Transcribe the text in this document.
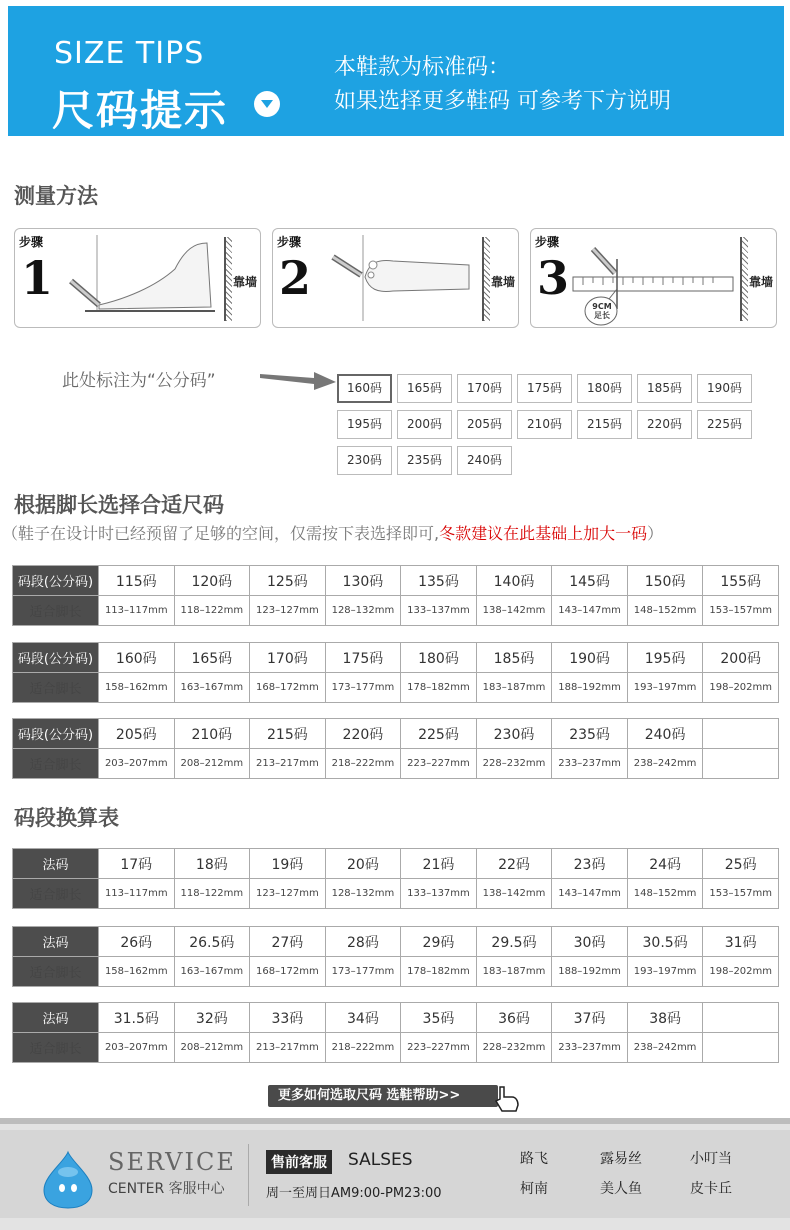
SIZE TIPS
尺码提示
本鞋款为标准码：
如果选择更多鞋码 可参考下方说明
测量方法
步骤
1	靠墙
步骤
2	靠墙
步骤
3
9CM
足长
靠墙
此处标注为“公分码”	160码	165码	170码	175码	180码	185码	190码
195码	200码	205码	210码	215码	220码	225码
230码	235码	240码
根据脚长选择合适尺码
（鞋子在设计时已经预留了足够的空间，仅需按下表选择即可,冬款建议在此基础上加大一码）
码段(公分码)	115码	120码	125码	130码	135码	140码	145码	150码	155码
适合脚长	113–117mm	118–122mm	123–127mm	128–132mm	133–137mm	138–142mm	143–147mm	148–152mm	153–157mm
码段(公分码)	160码	165码	170码	175码	180码	185码	190码	195码	200码
适合脚长	158–162mm	163–167mm	168–172mm	173–177mm	178–182mm	183–187mm	188–192mm	193–197mm	198–202mm
码段(公分码)	205码	210码	215码	220码	225码	230码	235码	240码	
适合脚长	203–207mm	208–212mm	213–217mm	218–222mm	223–227mm	228–232mm	233–237mm	238–242mm	
码段换算表
法码	17码	18码	19码	20码	21码	22码	23码	24码	25码
适合脚长	113–117mm	118–122mm	123–127mm	128–132mm	133–137mm	138–142mm	143–147mm	148–152mm	153–157mm
法码	26码	26.5码	27码	28码	29码	29.5码	30码	30.5码	31码
适合脚长	158–162mm	163–167mm	168–172mm	173–177mm	178–182mm	183–187mm	188–192mm	193–197mm	198–202mm
法码	31.5码	32码	33码	34码	35码	36码	37码	38码	
适合脚长	203–207mm	208–212mm	213–217mm	218–222mm	223–227mm	228–232mm	233–237mm	238–242mm	
更多如何选取尺码 选鞋帮助>>
SERVICE
CENTER 客服中心
售前客服 SALSES
周一至周日AM9:00-PM23:00
路飞	露易丝	小叮当
柯南	美人鱼	皮卡丘
